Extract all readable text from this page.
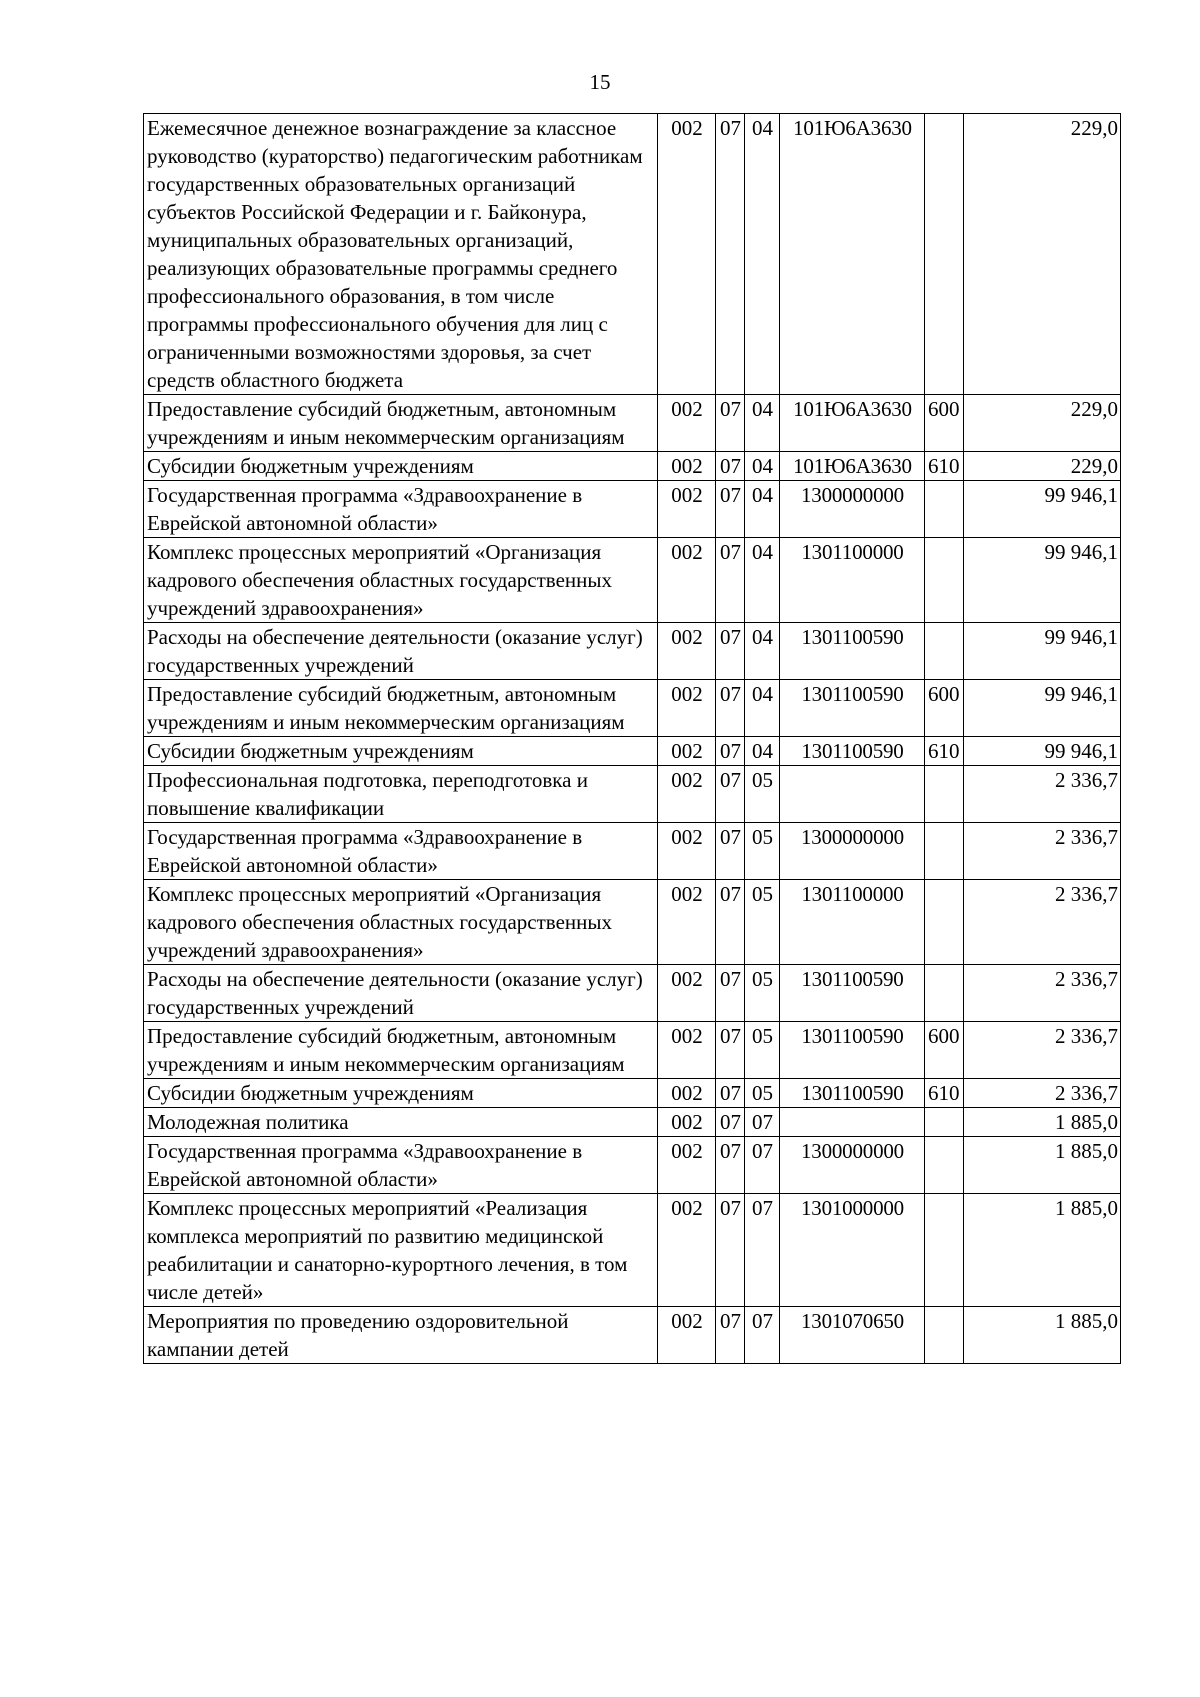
15
Ежемесячное денежное вознаграждение за классное руководство (кураторство) педагогическим работникам государственных образовательных организаций субъектов Российской Федерации и г. Байконура, муниципальных образовательных организаций, реализующих образовательные программы среднего профессионального образования, в том числе программы профессионального обучения для лиц с ограниченными возможностями здоровья, за счет средств областного бюджета	002	07	04	101Ю6А3630		229,0
Предоставление субсидий бюджетным, автономным учреждениям и иным некоммерческим организациям	002	07	04	101Ю6А3630	600	229,0
Субсидии бюджетным учреждениям	002	07	04	101Ю6А3630	610	229,0
Государственная программа «Здравоохранение в Еврейской автономной области»	002	07	04	1300000000		99 946,1
Комплекс процессных мероприятий «Организация кадрового обеспечения областных государственных учреждений здравоохранения»	002	07	04	1301100000		99 946,1
Расходы на обеспечение деятельности (оказание услуг) государственных учреждений	002	07	04	1301100590		99 946,1
Предоставление субсидий бюджетным, автономным учреждениям и иным некоммерческим организациям	002	07	04	1301100590	600	99 946,1
Субсидии бюджетным учреждениям	002	07	04	1301100590	610	99 946,1
Профессиональная подготовка, переподготовка и повышение квалификации	002	07	05			2 336,7
Государственная программа «Здравоохранение в Еврейской автономной области»	002	07	05	1300000000		2 336,7
Комплекс процессных мероприятий «Организация кадрового обеспечения областных государственных учреждений здравоохранения»	002	07	05	1301100000		2 336,7
Расходы на обеспечение деятельности (оказание услуг) государственных учреждений	002	07	05	1301100590		2 336,7
Предоставление субсидий бюджетным, автономным учреждениям и иным некоммерческим организациям	002	07	05	1301100590	600	2 336,7
Субсидии бюджетным учреждениям	002	07	05	1301100590	610	2 336,7
Молодежная политика	002	07	07			1 885,0
Государственная программа «Здравоохранение в Еврейской автономной области»	002	07	07	1300000000		1 885,0
Комплекс процессных мероприятий «Реализация комплекса мероприятий по развитию медицинской реабилитации и санаторно-курортного лечения, в том числе детей»	002	07	07	1301000000		1 885,0
Мероприятия по проведению оздоровительной кампании детей	002	07	07	1301070650		1 885,0
